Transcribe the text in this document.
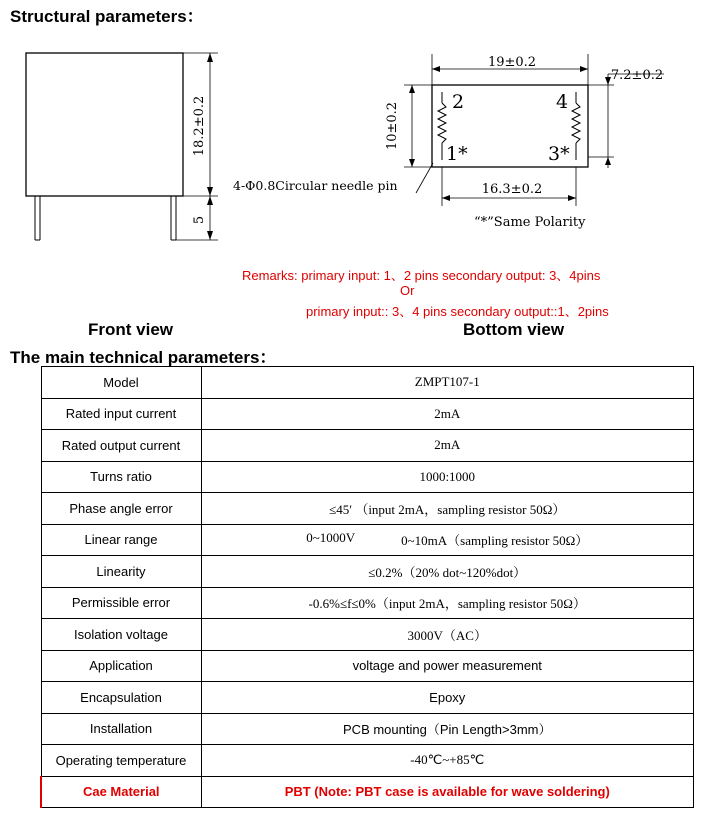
Structural parameters：
18.2±0.2
5
19±0.2
7.2±0.2
10±0.2	2	4
1*	3*
4-Φ0.8Circular needle pin	16.3±0.2
“*”Same Polarity
Remarks: primary input: 1、2 pins secondary output: 3、4pins
Or
primary input:: 3、4 pins secondary output::1、2pins
Front view	Bottom view
The main technical parameters：
Model	ZMPT107-1
Rated input current	2mA
Rated output current	2mA
Turns ratio	1000:1000
Phase angle error	≤45′ （input 2mA，sampling resistor 50Ω）
Linear range	0~1000V 0~10mA（sampling resistor 50Ω）

Linearity	≤0.2%（20% dot~120%dot）
Permissible error	-0.6%≤f≤0%（input 2mA，sampling resistor 50Ω）
Isolation voltage	3000V（AC）
Application	voltage and power measurement
Encapsulation	Epoxy
Installation	PCB mounting（Pin Length>3mm）
Operating temperature	-40℃~+85℃
Cae Material	PBT (Note: PBT case is available for wave soldering)
